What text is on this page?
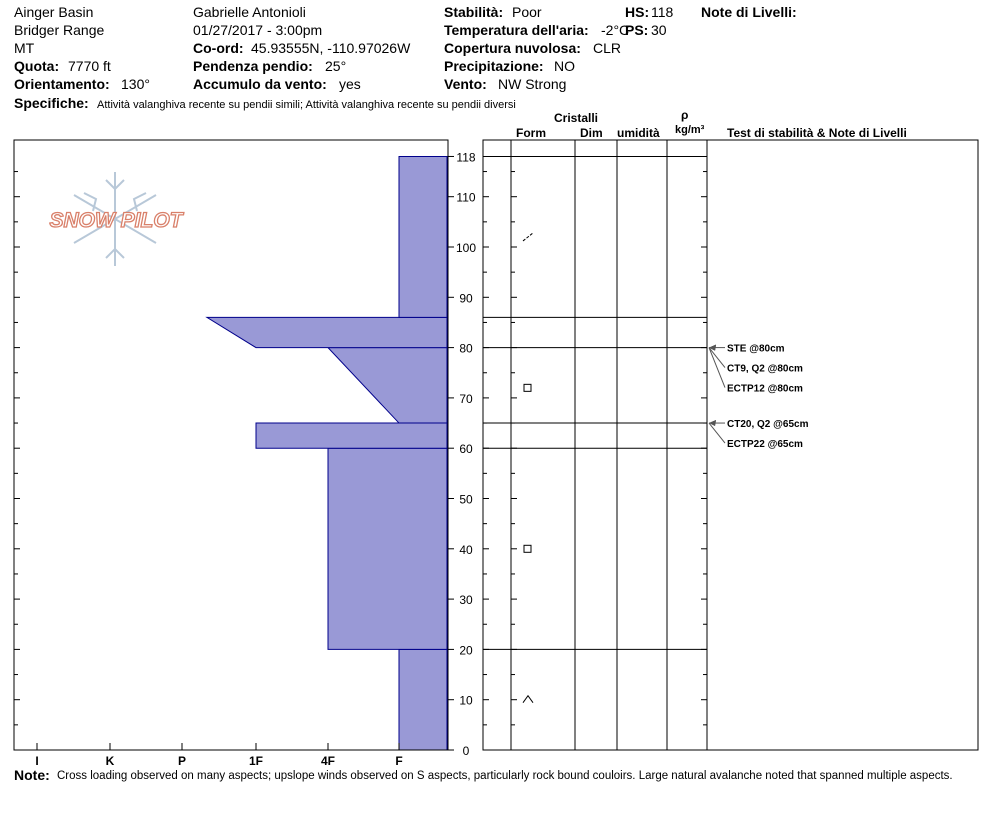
Ainger Basin
Bridger Range
MT
Quota: 7770 ft
Orientamento: 130°
Gabrielle Antonioli
01/27/2017 - 3:00pm
Co-ord: 45.93555N, -110.97026W
Pendenza pendio: 25°
Accumulo da vento: yes
Stabilità: Poor
Temperatura dell'aria: -2°C
Copertura nuvolosa: CLR
Precipitazione: NO
Vento: NW Strong
HS: 118
PS: 30
Note di Livelli:
Specifiche: Attività valanghiva recente su pendii simili; Attività valanghiva recente su pendii diversi
Cristalli
Form	Dim umidità
ρ
kg/m³ Test di stabilità & Note di Livelli
SNOW PILOT
I	K	P	1F	4F	F
0
10
20
30
40
50
60
70
80
90
100
110
118
CT20, Q2 @65cm
ECTP22 @65cm
STE @80cm
CT9, Q2 @80cm
ECTP12 @80cm
Note: Cross loading observed on many aspects; upslope winds observed on S aspects, particularly rock bound couloirs. Large natural avalanche noted that spanned multiple aspects.
